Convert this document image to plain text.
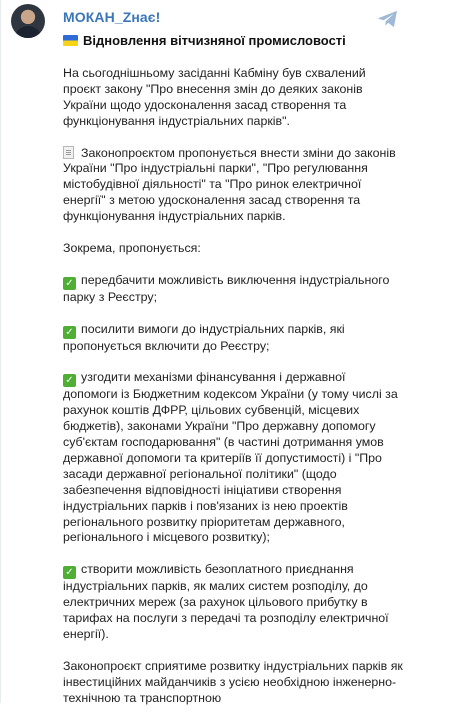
МОКАН_Zнає!
Відновлення вітчизняної промисловості

На сьогоднішньому засіданні Кабміну був схвалений проєкт закону "Про внесення змін до деяких законів України щодо удосконалення засад створення та функціонування індустріальних парків".

Законопроєктом пропонується внести зміни до законів України "Про індустріальні парки", "Про регулювання містобудівної діяльності" та "Про ринок електричної енергії" з метою удосконалення засад створення та функціонування індустріальних парків.

Зокрема, пропонується:

✓ передбачити можливість виключення індустріального парку з Реєстру;

✓ посилити вимоги до індустріальних парків, які пропонується включити до Реєстру;

✓ узгодити механізми фінансування і державної допомоги із Бюджетним кодексом України (у тому числі за рахунок коштів ДФРР, цільових субвенцій, місцевих бюджетів), законами України "Про державну допомогу суб'єктам господарювання" (в частині дотримання умов державної допомоги та критеріїв її допустимості) і "Про засади державної регіональної політики" (щодо забезпечення відповідності ініціативи створення індустріальних парків і пов'язаних із нею проектів регіонального розвитку пріоритетам державного, регіонального і місцевого розвитку);

✓ створити можливість безоплатного приєднання індустріальних парків, як малих систем розподілу, до електричних мереж (за рахунок цільового прибутку в тарифах на послуги з передачі та розподілу електричної енергії).

Законопроєкт сприятиме розвитку індустріальних парків як інвестиційних майданчиків з усією необхідною інженерно-технічною та транспортною
